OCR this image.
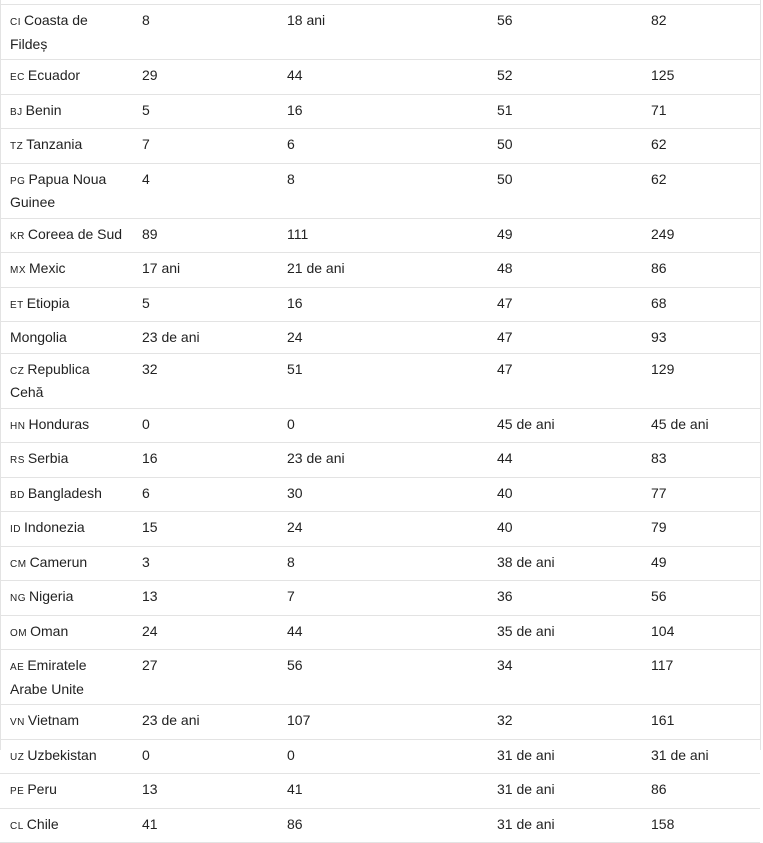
CI Coasta de Fildeș	8	18 ani	56	82
EC Ecuador	29	44	52	125
BJ Benin	5	16	51	71
TZ Tanzania	7	6	50	62
PG Papua Noua Guinee	4	8	50	62
KR Coreea de Sud	89	111	49	249
MX Mexic	17 ani	21 de ani	48	86
ET Etiopia	5	16	47	68
Mongolia	23 de ani	24	47	93
CZ Republica Cehă	32	51	47	129
HN Honduras	0	0	45 de ani	45 de ani
RS Serbia	16	23 de ani	44	83
BD Bangladesh	6	30	40	77
ID Indonezia	15	24	40	79
CM Camerun	3	8	38 de ani	49
NG Nigeria	13	7	36	56
OM Oman	24	44	35 de ani	104
AE Emiratele Arabe Unite	27	56	34	117
VN Vietnam	23 de ani	107	32	161
UZ Uzbekistan	0	0	31 de ani	31 de ani
PE Peru	13	41	31 de ani	86
CL Chile	41	86	31 de ani	158
